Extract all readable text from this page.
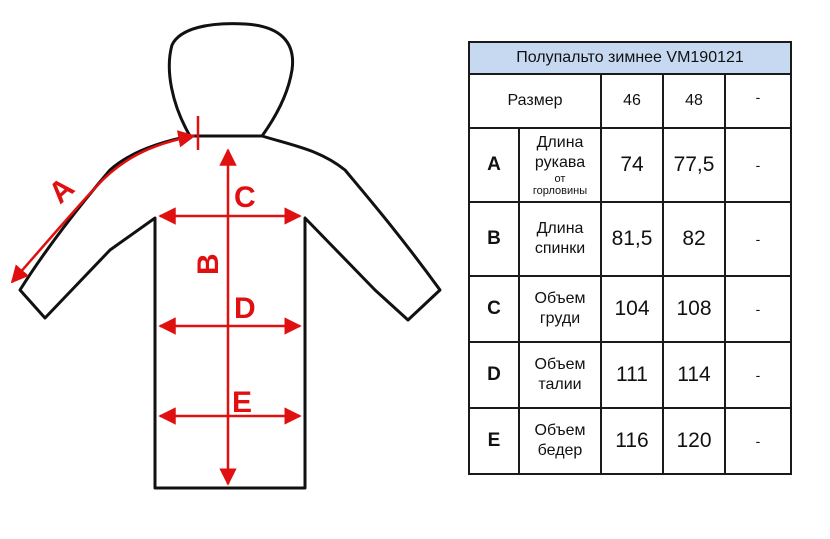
A
B
C
D
E
Полупальто зимнее VM190121				
Размер		46	48	-
A	Длина
рукава
от
горловины	74	77,5	-
B	Длина
спинки	81,5	82	-
C	Объем
груди	104	108	-
D	Объем
талии	111	114	-
E	Объем
бедер	116	120	-
